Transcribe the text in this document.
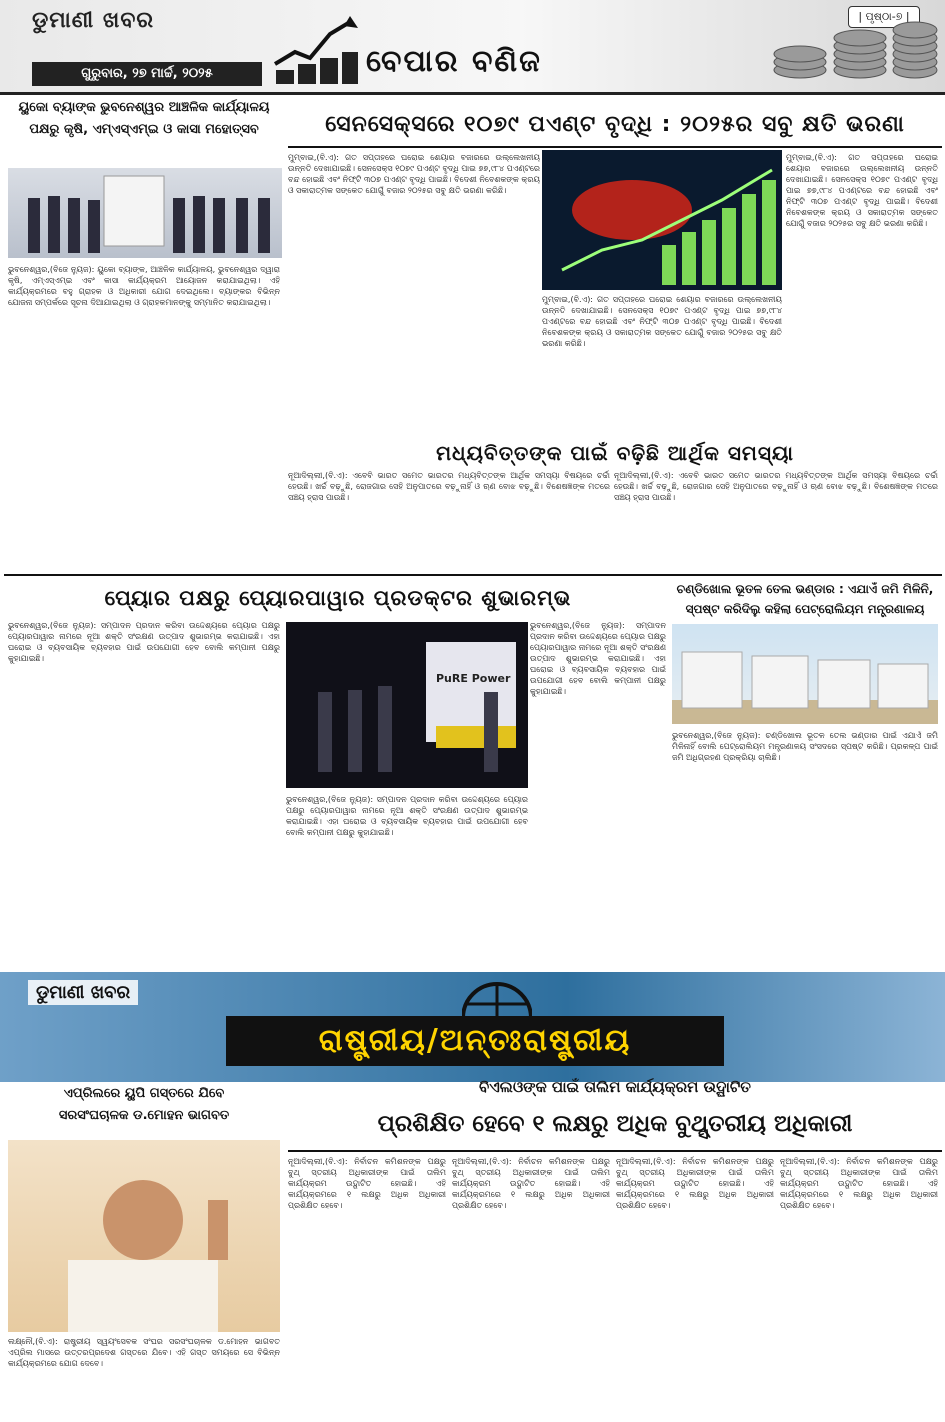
ଡୁମାଣୀ ଖବର
ଗୁରୁବାର, ୨୭ ମାର୍ଚ୍ଚ, ୨୦୨୫	ବେପାର ବଣିଜ
| ପୃଷ୍ଠା-୭ |
ୟୁକୋ ବ୍ୟାଙ୍କ ଭୁବନେଶ୍ୱର ଆଞ୍ଚଳିକ କାର୍ଯ୍ୟାଳୟ
ପକ୍ଷରୁ କୃଷି, ଏମ୍ଏସ୍ଏମ୍ଇ ଓ କାସା ମହୋତ୍ସବ
ଭୁବନେଶ୍ୱର,(ବିଜେ ନ୍ୟୁଜ): ୟୁକୋ ବ୍ୟାଙ୍କ, ଆଞ୍ଚଳିକ କାର୍ଯ୍ୟାଳୟ, ଭୁବନେଶ୍ୱର ଦ୍ୱାରା କୃଷି, ଏମ୍ଏସ୍ଏମ୍ଇ ଏବଂ କାସା କାର୍ଯ୍ୟକ୍ରମ ଆୟୋଜନ କରାଯାଇଥିଲା। ଏହି କାର୍ଯ୍ୟକ୍ରମରେ ବହୁ ଗ୍ରାହକ ଓ ଅଧିକାରୀ ଯୋଗ ଦେଇଥିଲେ। ବ୍ୟାଙ୍କର ବିଭିନ୍ନ ଯୋଜନା ସମ୍ପର୍କରେ ସୂଚନା ଦିଆଯାଇଥିଲା ଓ ଗ୍ରାହକମାନଙ୍କୁ ସମ୍ମାନିତ କରାଯାଇଥିଲା।
ସେନସେକ୍ସରେ ୧୦୭୯ ପଏଣ୍ଟ ବୃଦ୍ଧି : ୨୦୨୫ର ସବୁ କ୍ଷତି ଭରଣା
ମୁମ୍ବାଇ,(ବି.ଏ): ଗତ ସପ୍ତାହରେ ଘରୋଇ ଶେୟାର ବଜାରରେ ଉଲ୍ଲେଖନୀୟ ଉନ୍ନତି ଦେଖାଯାଇଛି। ସେନସେକ୍ସ ୧୦୭୯ ପଏଣ୍ଟ ବୃଦ୍ଧି ପାଇ ୭୭,୯୮୪ ପଏଣ୍ଟରେ ବନ୍ଦ ହୋଇଛି ଏବଂ ନିଫ୍ଟି ୩୦୭ ପଏଣ୍ଟ ବୃଦ୍ଧି ପାଇଛି। ବିଦେଶୀ ନିବେଶକଙ୍କ କ୍ରୟ ଓ ସକାରାତ୍ମକ ସଙ୍କେତ ଯୋଗୁଁ ବଜାର ୨୦୨୫ର ସବୁ କ୍ଷତି ଭରଣା କରିଛି।
ମୁମ୍ବାଇ,(ବି.ଏ): ଗତ ସପ୍ତାହରେ ଘରୋଇ ଶେୟାର ବଜାରରେ ଉଲ୍ଲେଖନୀୟ ଉନ୍ନତି ଦେଖାଯାଇଛି। ସେନସେକ୍ସ ୧୦୭୯ ପଏଣ୍ଟ ବୃଦ୍ଧି ପାଇ ୭୭,୯୮୪ ପଏଣ୍ଟରେ ବନ୍ଦ ହୋଇଛି ଏବଂ ନିଫ୍ଟି ୩୦୭ ପଏଣ୍ଟ ବୃଦ୍ଧି ପାଇଛି। ବିଦେଶୀ ନିବେଶକଙ୍କ କ୍ରୟ ଓ ସକାରାତ୍ମକ ସଙ୍କେତ ଯୋଗୁଁ ବଜାର ୨୦୨୫ର ସବୁ କ୍ଷତି ଭରଣା କରିଛି।
ମୁମ୍ବାଇ,(ବି.ଏ): ଗତ ସପ୍ତାହରେ ଘରୋଇ ଶେୟାର ବଜାରରେ ଉଲ୍ଲେଖନୀୟ ଉନ୍ନତି ଦେଖାଯାଇଛି। ସେନସେକ୍ସ ୧୦୭୯ ପଏଣ୍ଟ ବୃଦ୍ଧି ପାଇ ୭୭,୯୮୪ ପଏଣ୍ଟରେ ବନ୍ଦ ହୋଇଛି ଏବଂ ନିଫ୍ଟି ୩୦୭ ପଏଣ୍ଟ ବୃଦ୍ଧି ପାଇଛି। ବିଦେଶୀ ନିବେଶକଙ୍କ କ୍ରୟ ଓ ସକାରାତ୍ମକ ସଙ୍କେତ ଯୋଗୁଁ ବଜାର ୨୦୨୫ର ସବୁ କ୍ଷତି ଭରଣା କରିଛି।
ମଧ୍ୟବିତ୍ତଙ୍କ ପାଇଁ ବଢ଼ିଛି ଆର୍ଥିକ ସମସ୍ୟା
ନୂଆଦିଲ୍ଲୀ,(ବି.ଏ): ଏବେବି ଭାରତ ସମେତ ଭାରତର ମଧ୍ୟବିତ୍ତଙ୍କ ଆର୍ଥିକ ସମସ୍ୟା ବିଷୟରେ ଚର୍ଚ୍ଚା ହେଉଛି। ଖର୍ଚ୍ଚ ବଢ଼ୁଛି, ରୋଜଗାର ସେହି ଅନୁପାତରେ ବଢ଼ୁନାହିଁ ଓ ଋଣ ବୋଝ ବଢ଼ୁଛି। ବିଶେଷଜ୍ଞଙ୍କ ମତରେ ସଞ୍ଚୟ ହ୍ରାସ ପାଉଛି।
ନୂଆଦିଲ୍ଲୀ,(ବି.ଏ): ଏବେବି ଭାରତ ସମେତ ଭାରତର ମଧ୍ୟବିତ୍ତଙ୍କ ଆର୍ଥିକ ସମସ୍ୟା ବିଷୟରେ ଚର୍ଚ୍ଚା ହେଉଛି। ଖର୍ଚ୍ଚ ବଢ଼ୁଛି, ରୋଜଗାର ସେହି ଅନୁପାତରେ ବଢ଼ୁନାହିଁ ଓ ଋଣ ବୋଝ ବଢ଼ୁଛି। ବିଶେଷଜ୍ଞଙ୍କ ମତରେ ସଞ୍ଚୟ ହ୍ରାସ ପାଉଛି।
ପ୍ୟୋର ପକ୍ଷରୁ ପ୍ୟୋରପାୱାର ପ୍ରଡକ୍ଟର ଶୁଭାରମ୍ଭ
ଭୁବନେଶ୍ୱର,(ବିଜେ ନ୍ୟୁଜ): ସମ୍ପାଦନ ପ୍ରଦାନ କରିବା ଉଦ୍ଦେଶ୍ୟରେ ପ୍ୟୋର ପକ୍ଷରୁ ପ୍ୟୋରପାୱାର ନାମରେ ନୂଆ ଶକ୍ତି ସଂରକ୍ଷଣ ଉତ୍ପାଦ ଶୁଭାରମ୍ଭ କରାଯାଇଛି। ଏହା ଘରୋଇ ଓ ବ୍ୟବସାୟିକ ବ୍ୟବହାର ପାଇଁ ଉପଯୋଗୀ ହେବ ବୋଲି କମ୍ପାନୀ ପକ୍ଷରୁ କୁହାଯାଇଛି।
PuRE Power
ଭୁବନେଶ୍ୱର,(ବିଜେ ନ୍ୟୁଜ): ସମ୍ପାଦନ ପ୍ରଦାନ କରିବା ଉଦ୍ଦେଶ୍ୟରେ ପ୍ୟୋର ପକ୍ଷରୁ ପ୍ୟୋରପାୱାର ନାମରେ ନୂଆ ଶକ୍ତି ସଂରକ୍ଷଣ ଉତ୍ପାଦ ଶୁଭାରମ୍ଭ କରାଯାଇଛି। ଏହା ଘରୋଇ ଓ ବ୍ୟବସାୟିକ ବ୍ୟବହାର ପାଇଁ ଉପଯୋଗୀ ହେବ ବୋଲି କମ୍ପାନୀ ପକ୍ଷରୁ କୁହାଯାଇଛି।
ଭୁବନେଶ୍ୱର,(ବିଜେ ନ୍ୟୁଜ): ସମ୍ପାଦନ ପ୍ରଦାନ କରିବା ଉଦ୍ଦେଶ୍ୟରେ ପ୍ୟୋର ପକ୍ଷରୁ ପ୍ୟୋରପାୱାର ନାମରେ ନୂଆ ଶକ୍ତି ସଂରକ୍ଷଣ ଉତ୍ପାଦ ଶୁଭାରମ୍ଭ କରାଯାଇଛି। ଏହା ଘରୋଇ ଓ ବ୍ୟବସାୟିକ ବ୍ୟବହାର ପାଇଁ ଉପଯୋଗୀ ହେବ ବୋଲି କମ୍ପାନୀ ପକ୍ଷରୁ କୁହାଯାଇଛି।
ଚଣ୍ଡିଖୋଲ ଭୂତଳ ତେଲ ଭଣ୍ଡାର : ଏଯାଏଁ ଜମି ମିଳିନି,
ସ୍ପଷ୍ଟ କରିଦିଲୁ କହିଲା ପେଟ୍ରୋଲିୟମ ମନ୍ତ୍ରଣାଳୟ
ଭୁବନେଶ୍ୱର,(ବିଜେ ନ୍ୟୁଜ): ଚଣ୍ଡିଖୋଲ ଭୂତଳ ତେଲ ଭଣ୍ଡାର ପାଇଁ ଏଯାଏଁ ଜମି ମିଳିନାହିଁ ବୋଲି ପେଟ୍ରୋଲିୟମ ମନ୍ତ୍ରଣାଳୟ ସଂସଦରେ ସ୍ପଷ୍ଟ କରିଛି। ପ୍ରକଳ୍ପ ପାଇଁ ଜମି ଅଧିଗ୍ରହଣ ପ୍ରକ୍ରିୟା ଚାଲିଛି।
ଡୁମାଣୀ ଖବର
ରାଷ୍ଟ୍ରୀୟ/ଅନ୍ତଃରାଷ୍ଟ୍ରୀୟ
ଏପ୍ରିଲରେ ୟୁପି ଗସ୍ତରେ ଯିବେ
ସରସଂଘଚାଳକ ଡ.ମୋହନ ଭାଗବତ
ଲକ୍ଷ୍ନୌ,(ବି.ଏ): ରାଷ୍ଟ୍ରୀୟ ସ୍ୱୟଂସେବକ ସଂଘର ସରସଂଘଚାଳକ ଡ.ମୋହନ ଭାଗବତ ଏପ୍ରିଲ ମାସରେ ଉତ୍ତରପ୍ରଦେଶ ଗସ୍ତରେ ଯିବେ। ଏହି ଗସ୍ତ ସମୟରେ ସେ ବିଭିନ୍ନ କାର୍ଯ୍ୟକ୍ରମରେ ଯୋଗ ଦେବେ।
ବିଏଲଓଙ୍କ ପାଇଁ ତାଲିମ କାର୍ଯ୍ୟକ୍ରମ ଉଦ୍ଘାଟିତ
ପ୍ରଶିକ୍ଷିତ ହେବେ ୧ ଲକ୍ଷରୁ ଅଧିକ ବୁଥ୍ସ୍ତରୀୟ ଅଧିକାରୀ
ନୂଆଦିଲ୍ଲୀ,(ବି.ଏ): ନିର୍ବାଚନ କମିଶନଙ୍କ ପକ୍ଷରୁ ବୁଥ୍ ସ୍ତରୀୟ ଅଧିକାରୀଙ୍କ ପାଇଁ ତାଲିମ କାର୍ଯ୍ୟକ୍ରମ ଉଦ୍ଘାଟିତ ହୋଇଛି। ଏହି କାର୍ଯ୍ୟକ୍ରମରେ ୧ ଲକ୍ଷରୁ ଅଧିକ ଅଧିକାରୀ ପ୍ରଶିକ୍ଷିତ ହେବେ।
ନୂଆଦିଲ୍ଲୀ,(ବି.ଏ): ନିର୍ବାଚନ କମିଶନଙ୍କ ପକ୍ଷରୁ ବୁଥ୍ ସ୍ତରୀୟ ଅଧିକାରୀଙ୍କ ପାଇଁ ତାଲିମ କାର୍ଯ୍ୟକ୍ରମ ଉଦ୍ଘାଟିତ ହୋଇଛି। ଏହି କାର୍ଯ୍ୟକ୍ରମରେ ୧ ଲକ୍ଷରୁ ଅଧିକ ଅଧିକାରୀ ପ୍ରଶିକ୍ଷିତ ହେବେ।
ନୂଆଦିଲ୍ଲୀ,(ବି.ଏ): ନିର୍ବାଚନ କମିଶନଙ୍କ ପକ୍ଷରୁ ବୁଥ୍ ସ୍ତରୀୟ ଅଧିକାରୀଙ୍କ ପାଇଁ ତାଲିମ କାର୍ଯ୍ୟକ୍ରମ ଉଦ୍ଘାଟିତ ହୋଇଛି। ଏହି କାର୍ଯ୍ୟକ୍ରମରେ ୧ ଲକ୍ଷରୁ ଅଧିକ ଅଧିକାରୀ ପ୍ରଶିକ୍ଷିତ ହେବେ।
ନୂଆଦିଲ୍ଲୀ,(ବି.ଏ): ନିର୍ବାଚନ କମିଶନଙ୍କ ପକ୍ଷରୁ ବୁଥ୍ ସ୍ତରୀୟ ଅଧିକାରୀଙ୍କ ପାଇଁ ତାଲିମ କାର୍ଯ୍ୟକ୍ରମ ଉଦ୍ଘାଟିତ ହୋଇଛି। ଏହି କାର୍ଯ୍ୟକ୍ରମରେ ୧ ଲକ୍ଷରୁ ଅଧିକ ଅଧିକାରୀ ପ୍ରଶିକ୍ଷିତ ହେବେ।
